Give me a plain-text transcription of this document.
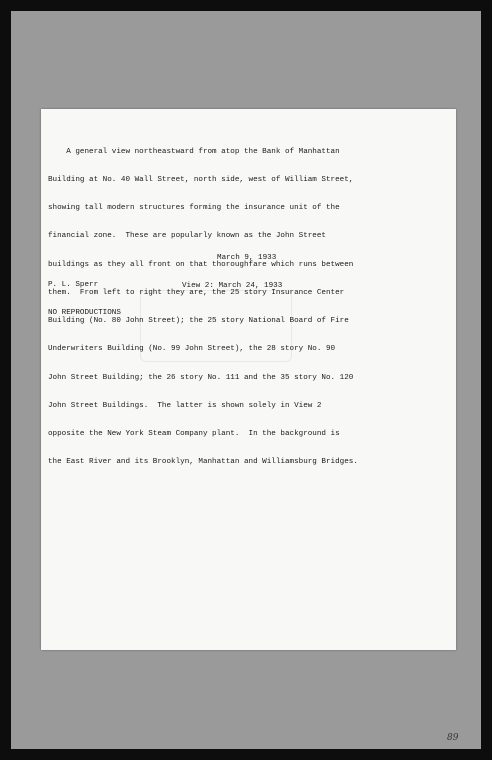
A general view northeastward from atop the Bank of Manhattan

Building at No. 40 Wall Street, north side, west of William Street,

showing tall modern structures forming the insurance unit of the

financial zone.  These are popularly known as the John Street

buildings as they all front on that thoroughfare which runs between

them.  From left to right they are, the 25 story Insurance Center

Building (No. 80 John Street); the 25 story National Board of Fire

Underwriters Building (No. 99 John Street), the 28 story No. 90

John Street Building; the 26 story No. 111 and the 35 story No. 120

John Street Buildings.  The latter is shown solely in View 2

opposite the New York Steam Company plant.  In the background is

the East River and its Brooklyn, Manhattan and Williamsburg Bridges.

March 9, 1933

View 2: March 24, 1933

P. L. Sperr

NO REPRODUCTIONS

89
